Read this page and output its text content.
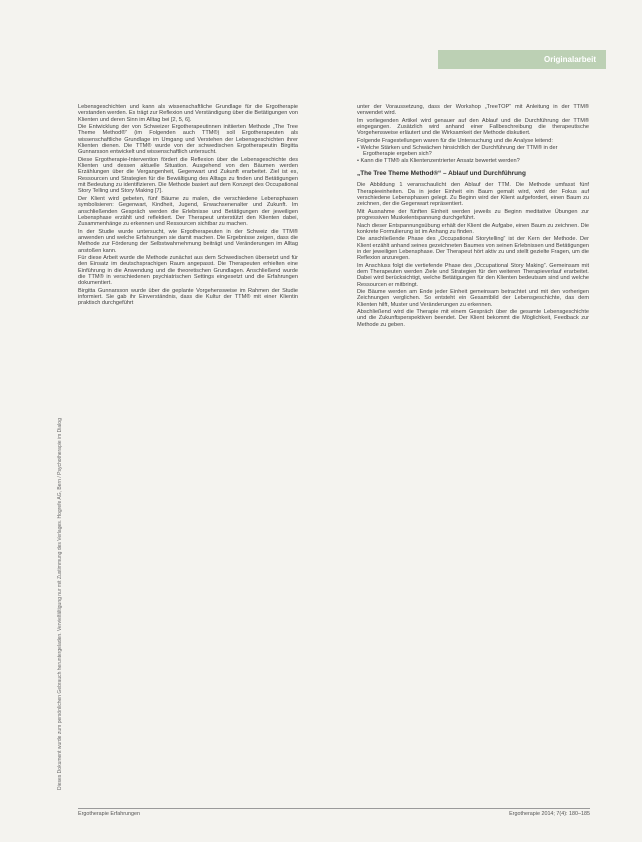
Originalarbeit
Dieses Dokument wurde zum persönlichen Gebrauch heruntergeladen. Vervielfältigung nur mit Zustimmung des Verlages. Hogrefe AG, Bern / Psychotherapie im Dialog

Lebensgeschichten und kann als wissenschaftliche Grundlage für die Ergotherapie verstanden werden. Es trägt zur Reflexion und Verständigung über die Betätigungen von Klienten und deren Sinn im Alltag bei [2, 5, 6].

Die Entwicklung der von Schweizer Ergotherapeutinnen initiierten Methode „The Tree Theme Method®“ (im Folgenden auch TTM®) soll Ergotherapeuten als wissenschaftliche Grundlage im Umgang und Verstehen der Lebensgeschichten ihrer Klienten dienen. Die TTM® wurde von der schwedischen Ergotherapeutin Birgitta Gunnarsson entwickelt und wissenschaftlich untersucht.

Diese Ergotherapie-Intervention fördert die Reflexion über die Lebensgeschichte des Klienten und dessen aktuelle Situation. Ausgehend von den Bäumen werden Erzählungen über die Vergangenheit, Gegenwart und Zukunft erarbeitet. Ziel ist es, Ressourcen und Strategien für die Bewältigung des Alltags zu finden und Betätigungen mit Bedeutung zu identifizieren. Die Methode basiert auf dem Konzept des Occupational Story Telling und Story Making [7].

Der Klient wird gebeten, fünf Bäume zu malen, die verschiedene Lebensphasen symbolisieren: Gegenwart, Kindheit, Jugend, Erwachsenenalter und Zukunft. Im anschließenden Gespräch werden die Erlebnisse und Betätigungen der jeweiligen Lebensphase erzählt und reflektiert. Der Therapeut unterstützt den Klienten dabei, Zusammenhänge zu erkennen und Ressourcen sichtbar zu machen.

In der Studie wurde untersucht, wie Ergotherapeuten in der Schweiz die TTM® anwenden und welche Erfahrungen sie damit machen. Die Ergebnisse zeigen, dass die Methode zur Förderung der Selbstwahrnehmung beiträgt und Veränderungen im Alltag anstoßen kann.

Für diese Arbeit wurde die Methode zunächst aus dem Schwedischen übersetzt und für den Einsatz im deutschsprachigen Raum angepasst. Die Therapeuten erhielten eine Einführung in die Anwendung und die theoretischen Grundlagen. Anschließend wurde die TTM® in verschiedenen psychiatrischen Settings eingesetzt und die Erfahrungen dokumentiert.

Birgitta Gunnarsson wurde über die geplante Vorgehensweise im Rahmen der Studie informiert. Sie gab ihr Einverständnis, dass die Kultur der TTM® mit einer Klientin praktisch durchgeführt

unter der Voraussetzung, dass der Workshop „TreeTOP“ mit Anleitung in der TTM® verwendet wird.

Im vorliegenden Artikel wird genauer auf den Ablauf und die Durchführung der TTM® eingegangen. Zusätzlich wird anhand einer Fallbeschreibung die therapeutische Vorgehensweise erläutert und die Wirksamkeit der Methode diskutiert.

Folgende Fragestellungen waren für die Untersuchung und die Analyse leitend:

• Welche Stärken und Schwächen hinsichtlich der Durchführung der TTM® in der Ergotherapie ergeben sich?
• Kann die TTM® als Klientenzentrierter Ansatz bewertet werden?
„The Tree Theme Method®“ – Ablauf und Durchführung

Die Abbildung 1 veranschaulicht den Ablauf der TTM. Die Methode umfasst fünf Therapieeinheiten. Da in jeder Einheit ein Baum gemalt wird, wird der Fokus auf verschiedene Lebensphasen gelegt. Zu Beginn wird der Klient aufgefordert, einen Baum zu zeichnen, der die Gegenwart repräsentiert.

Mit Ausnahme der fünften Einheit werden jeweils zu Beginn meditative Übungen zur progressiven Muskelentspannung durchgeführt.

Nach dieser Entspannungsübung erhält der Klient die Aufgabe, einen Baum zu zeichnen. Die konkrete Formulierung ist im Anhang zu finden.

Die anschließende Phase des „Occupational Storytelling“ ist der Kern der Methode. Der Klient erzählt anhand seines gezeichneten Baumes von seinen Erlebnissen und Betätigungen in der jeweiligen Lebensphase. Der Therapeut hört aktiv zu und stellt gezielte Fragen, um die Reflexion anzuregen.

Im Anschluss folgt die vertiefende Phase des „Occupational Story Making“. Gemeinsam mit dem Therapeuten werden Ziele und Strategien für den weiteren Therapieverlauf erarbeitet. Dabei wird berücksichtigt, welche Betätigungen für den Klienten bedeutsam sind und welche Ressourcen er mitbringt.

Die Bäume werden am Ende jeder Einheit gemeinsam betrachtet und mit den vorherigen Zeichnungen verglichen. So entsteht ein Gesamtbild der Lebensgeschichte, das dem Klienten hilft, Muster und Veränderungen zu erkennen.

Abschließend wird die Therapie mit einem Gespräch über die gesamte Lebensgeschichte und die Zukunftsperspektiven beendet. Der Klient bekommt die Möglichkeit, Feedback zur Methode zu geben.

Ergotherapie Erfahrungen	Ergotherapie 2014; 7(4): 180–185
